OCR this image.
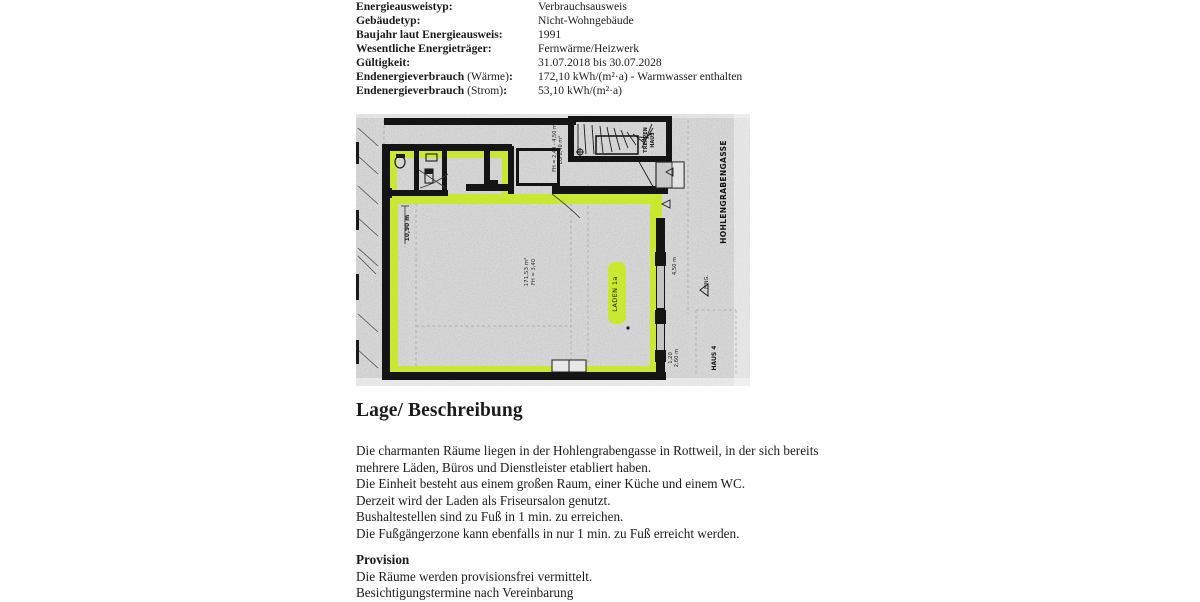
Energieausweistyp:	Verbrauchsausweis
Gebäudetyp:	Nicht-Wohngebäude
Baujahr laut Energieausweis:	1991
Wesentliche Energieträger:	Fernwärme/Heizwerk
Gültigkeit:	31.07.2018 bis 30.07.2028
Endenergieverbrauch (Wärme):	172,10 kWh/(m²·a) - Warmwasser enthalten
Endenergieverbrauch (Strom):	53,10 kWh/(m²·a)
LADEN 1a
171,53 m² FH = 3,40
10,90 m
FH = 2,40 - 4,50 m EG 8,40 m²	TREPPEN HAUS
4,50 m
2,60 m
1,20
EING.
HAUS 4
HOHLENGRABENGASSE
Lage/ Beschreibung

Die charmanten Räume liegen in der Hohlengrabengasse in Rottweil, in der sich bereits mehrere Läden, Büros und Dienstleister etabliert haben.

Die Einheit besteht aus einem großen Raum, einer Küche und einem WC.

Derzeit wird der Laden als Friseursalon genutzt.

Bushaltestellen sind zu Fuß in 1 min. zu erreichen.

Die Fußgängerzone kann ebenfalls in nur 1 min. zu Fuß erreicht werden.

Provision

Die Räume werden provisionsfrei vermittelt.

Besichtigungstermine nach Vereinbarung
